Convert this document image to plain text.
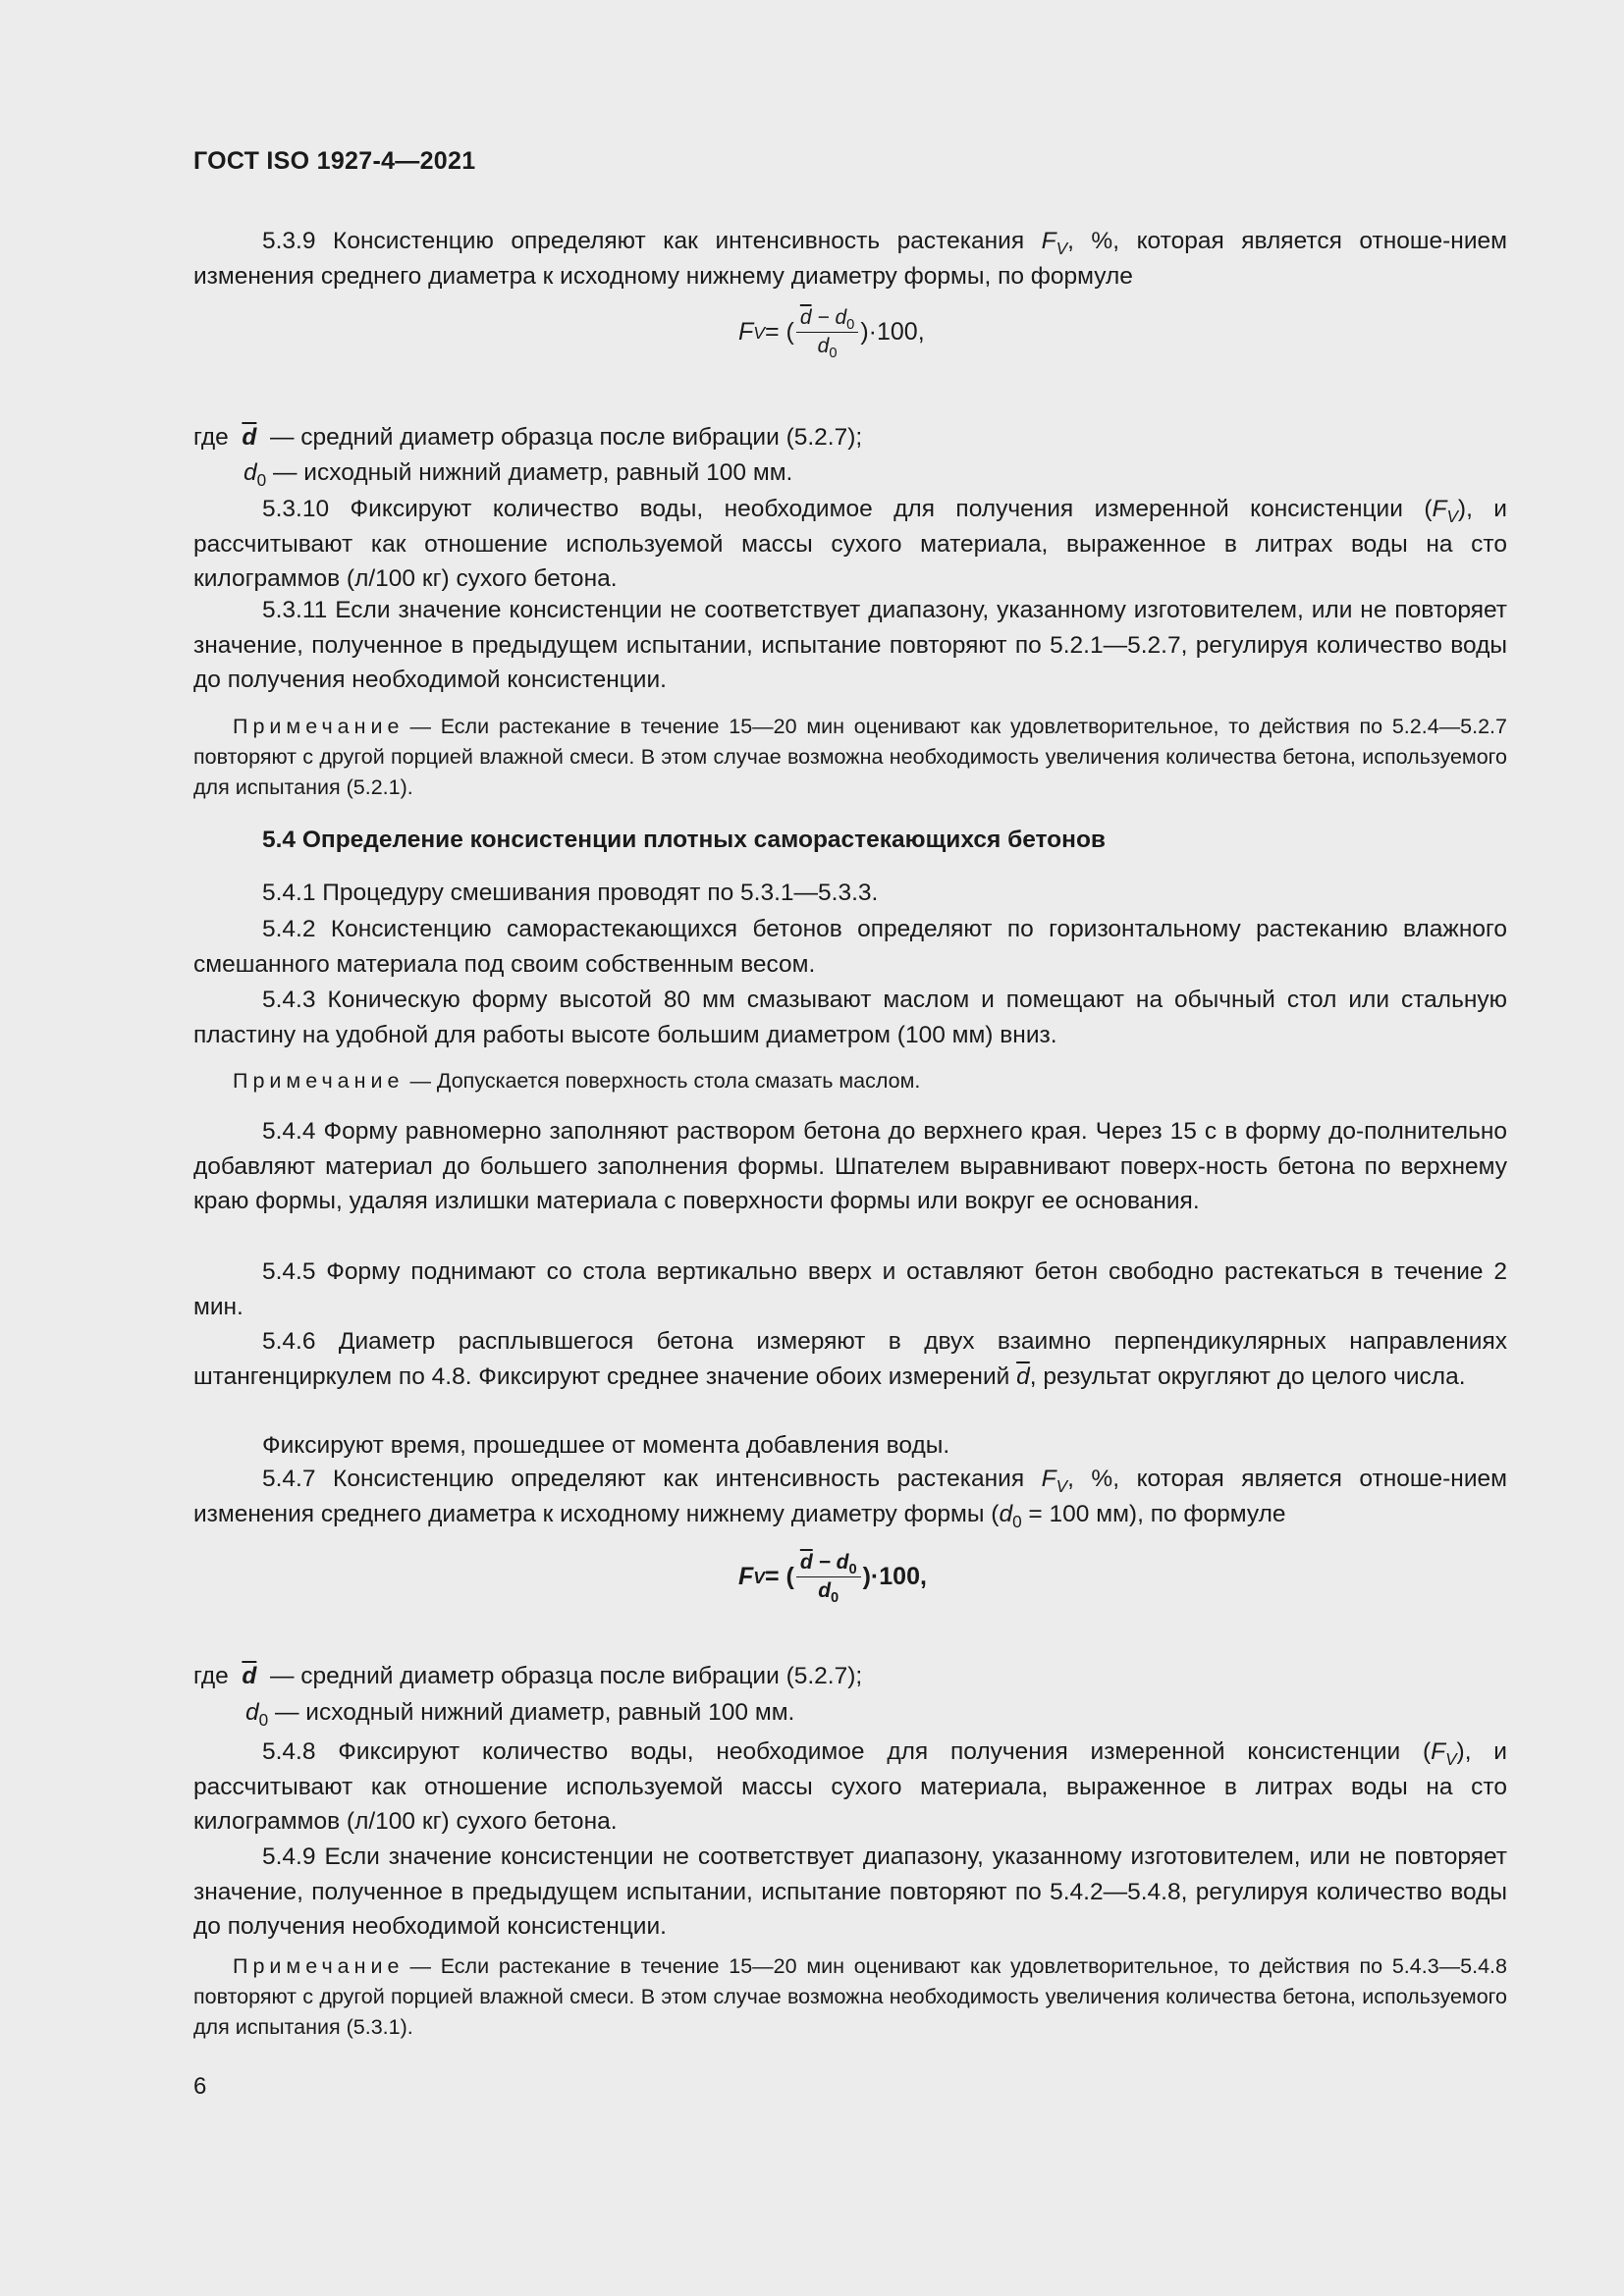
ГОСТ ISO 1927-4—2021
5.3.9 Консистенцию определяют как интенсивность растекания $F_V$, %, которая является отноше-нием изменения среднего диаметра к исходному нижнему диаметру формы, по формуле
F V = ( $\frac{\overline{d} - d_0}{d_0} )\cdot 100$,
где $\overline{d}$ — средний диаметр образца после вибрации (5.2.7);
$d_0$ — исходный нижний диаметр, равный 100 мм.
5.3.10 Фиксируют количество воды, необходимое для получения измеренной консистенции $(F_V)$, и рассчитывают как отношение используемой массы сухого материала, выраженное в литрах воды на сто килограммов (л/100 кг) сухого бетона.
5.3.11 Если значение консистенции не соответствует диапазону, указанному изготовителем, или не повторяет значение, полученное в предыдущем испытании, испытание повторяют по 5.2.1—5.2.7, регулируя количество воды до получения необходимой консистенции.
Примечание — Если растекание в течение 15—20 мин оценивают как удовлетворительное, то действия по 5.2.4—5.2.7 повторяют с другой порцией влажной смеси. В этом случае возможна необходимость увеличения количества бетона, используемого для испытания (5.2.1).
5.4 Определение консистенции плотных саморастекающихся бетонов
5.4.1 Процедуру смешивания проводят по 5.3.1—5.3.3.
5.4.2 Консистенцию саморастекающихся бетонов определяют по горизонтальному растеканию влажного смешанного материала под своим собственным весом.
5.4.3 Коническую форму высотой 80 мм смазывают маслом и помещают на обычный стол или стальную пластину на удобной для работы высоте большим диаметром (100 мм) вниз.
Примечание — Допускается поверхность стола смазать маслом.
5.4.4 Форму равномерно заполняют раствором бетона до верхнего края. Через 15 с в форму до-полнительно добавляют материал до большего заполнения формы. Шпателем выравнивают поверх-ность бетона по верхнему краю формы, удаляя излишки материала с поверхности формы или вокруг ее основания.
5.4.5 Форму поднимают со стола вертикально вверх и оставляют бетон свободно растекаться в течение 2 мин.
5.4.6 Диаметр расплывшегося бетона измеряют в двух взаимно перпендикулярных направлениях штангенциркулем по 4.8. Фиксируют среднее значение обоих измерений $\overline{d}$, результат округляют до целого числа.
Фиксируют время, прошедшее от момента добавления воды.
5.4.7 Консистенцию определяют как интенсивность растекания $F_V$, %, которая является отноше-нием изменения среднего диаметра к исходному нижнему диаметру формы ($d_0 = 100$ мм), по формуле
F V = ( $\frac{\overline{d} - d_0}{d_0} )\cdot 100$,
где $\overline{d}$ — средний диаметр образца после вибрации (5.2.7);
$d_0$ — исходный нижний диаметр, равный 100 мм.
5.4.8 Фиксируют количество воды, необходимое для получения измеренной консистенции $(F_V)$, и рассчитывают как отношение используемой массы сухого материала, выраженное в литрах воды на сто килограммов (л/100 кг) сухого бетона.
5.4.9 Если значение консистенции не соответствует диапазону, указанному изготовителем, или не повторяет значение, полученное в предыдущем испытании, испытание повторяют по 5.4.2—5.4.8, регулируя количество воды до получения необходимой консистенции.
Примечание — Если растекание в течение 15—20 мин оценивают как удовлетворительное, то действия по 5.4.3—5.4.8 повторяют с другой порцией влажной смеси. В этом случае возможна необходимость увеличения количества бетона, используемого для испытания (5.3.1).
6
